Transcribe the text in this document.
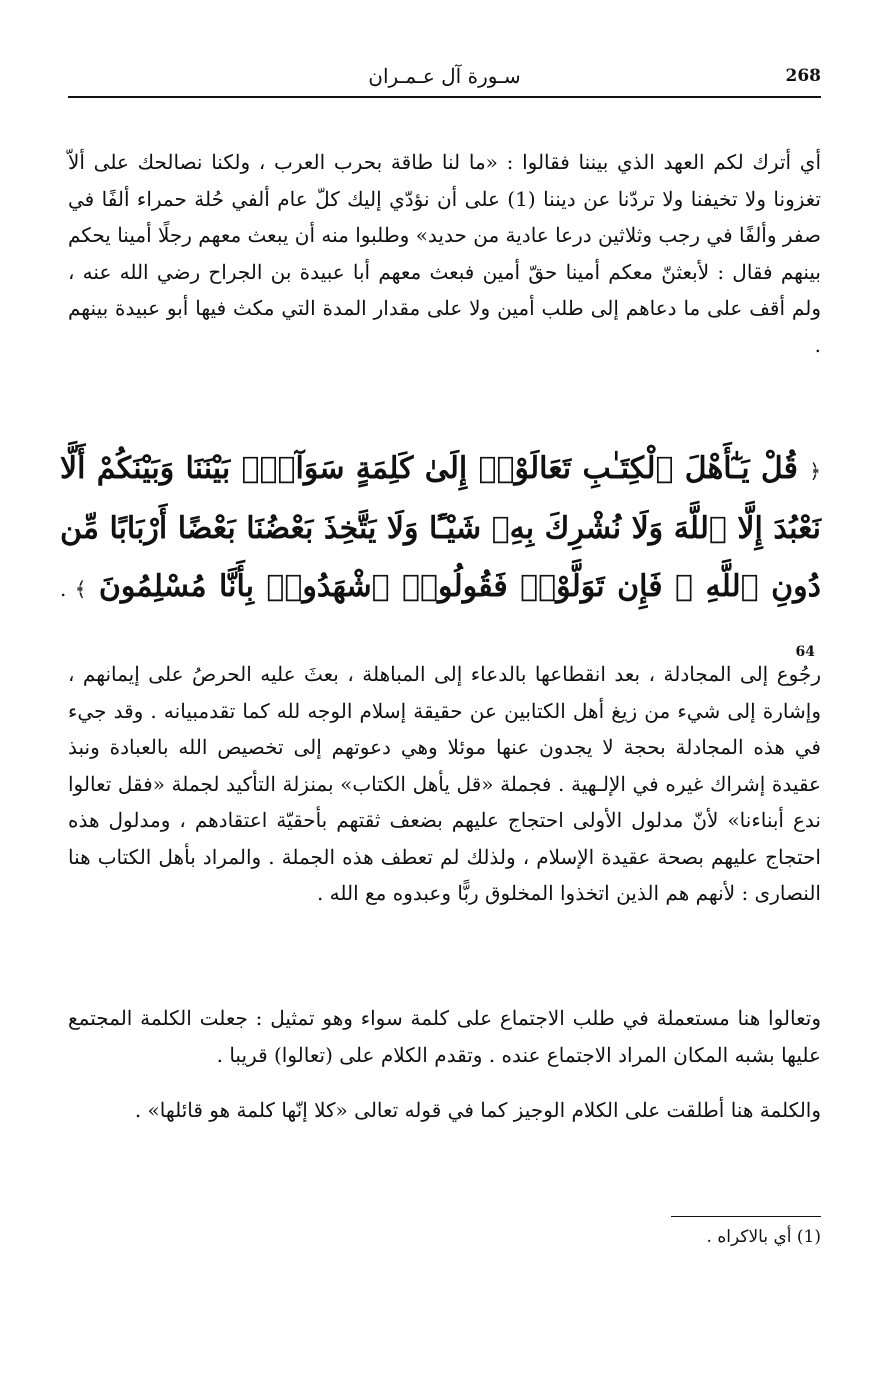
268
سـورة آل عـمـران
أي أترك لكم العهد الذي بيننا فقالوا : «ما لنا طاقة بحرب العرب ، ولكنا نصالحك على ألاّ تغزونا ولا تخيفنا ولا تردّنا عن ديننا (1) على أن نؤدّي إليك كلّ عام ألفي حُلة حمراء ألفًا في صفر وألفًا في رجب وثلاثين درعا عادية من حديد» وطلبوا منه أن يبعث معهم رجلًا أمينا يحكم بينهم فقال : لأبعثنّ معكم أمينا حقّ أمين فبعث معهم أبا عبيدة بن الجراح رضي الله عنه ، ولم أقف على ما دعاهم إلى طلب أمين ولا على مقدار المدة التي مكث فيها أبو عبيدة بينهم .
﴿ قُلْ يَـٰٓأَهْلَ ٱلْكِتَـٰبِ تَعَالَوْا۟ إِلَىٰ كَلِمَةٍ سَوَآءٍۭ بَيْنَنَا وَبَيْنَكُمْ أَلَّا نَعْبُدَ إِلَّا ٱللَّهَ وَلَا نُشْرِكَ بِهِۦ شَيْـًٔا وَلَا يَتَّخِذَ بَعْضُنَا بَعْضًا أَرْبَابًا مِّن دُونِ ٱللَّهِ ۚ فَإِن تَوَلَّوْا۟ فَقُولُوا۟ ٱشْهَدُوا۟ بِأَنَّا مُسْلِمُونَ ﴾ . 64
رجُوع إلى المجادلة ، بعد انقطاعها بالدعاء إلى المباهلة ، بعثَ عليه الحرصُ على إيمانهم ، وإشارة إلى شيء من زيغ أهل الكتابين عن حقيقة إسلام الوجه لله كما تقدمبيانه . وقد جيء في هذه المجادلة بحجة لا يجدون عنها موئلا وهي دعوتهم إلى تخصيص الله بالعبادة ونبذ عقيدة إشراك غيره في الإلـهية . فجملة «قل يأهل الكتاب» بمنزلة التأكيد لجملة «فقل تعالوا ندع أبناءنا» لأنّ مدلول الأولى احتجاج عليهم بضعف ثقتهم بأحقيّة اعتقادهم ، ومدلول هذه احتجاج عليهم بصحة عقيدة الإسلام ، ولذلك لم تعطف هذه الجملة . والمراد بأهل الكتاب هنا النصارى : لأنهم هم الذين اتخذوا المخلوق ربًّا وعبدوه مع الله .
وتعالوا هنا مستعملة في طلب الاجتماع على كلمة سواء وهو تمثيل : جعلت الكلمة المجتمع عليها بشبه المكان المراد الاجتماع عنده . وتقدم الكلام على (تعالوا) قريبا .
والكلمة هنا أطلقت على الكلام الوجيز كما في قوله تعالى «كلا إنّها كلمة هو قائلها» .
(1) أي بالاكراه .
